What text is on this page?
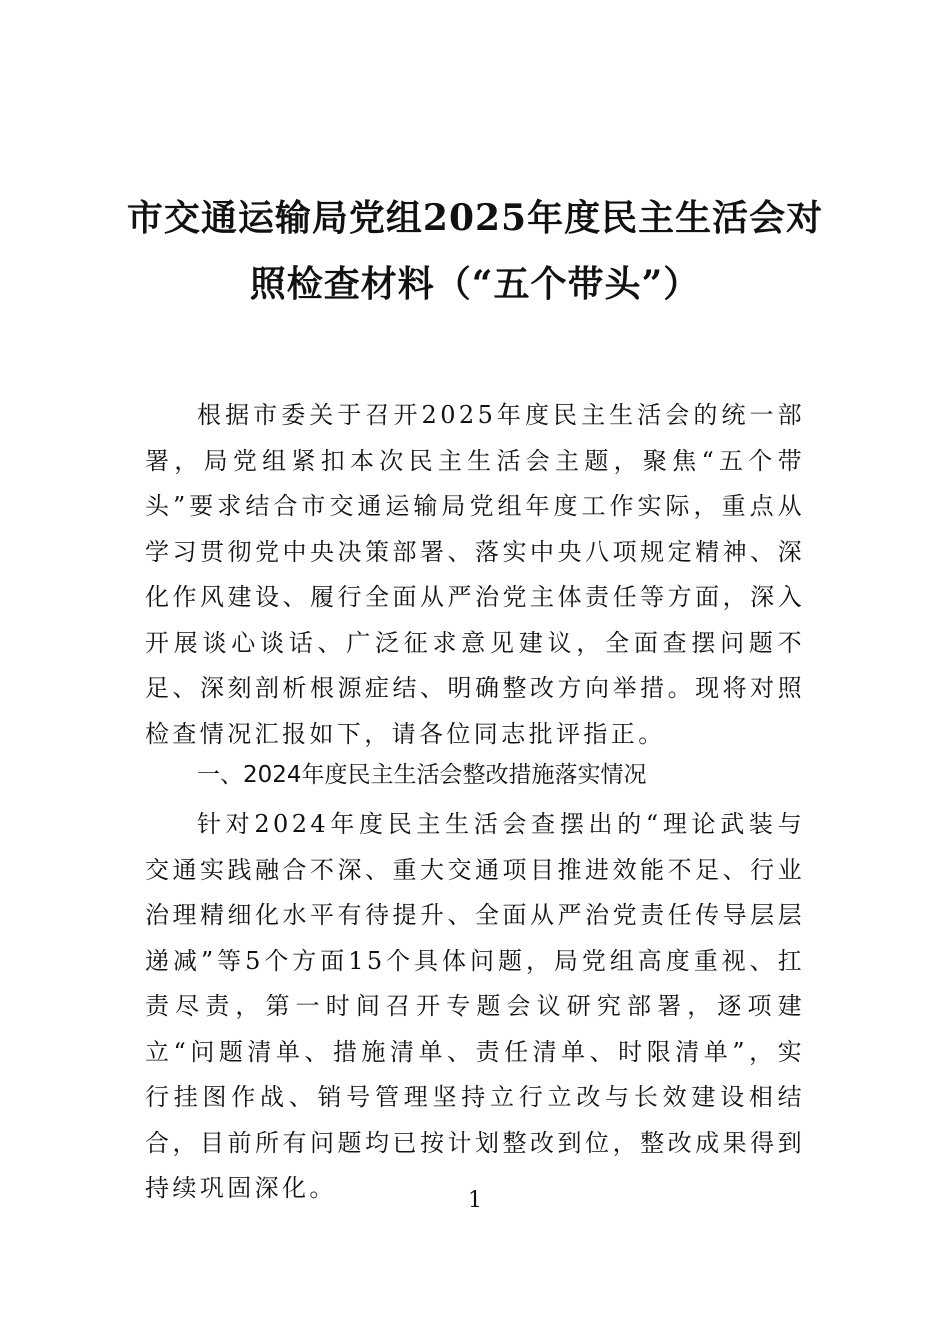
市交通运输局党组2025年度民主生活会对
照检查材料（“五个带头”）

根据市委关于召开2025年度民主生活会的统一部署，局党组紧扣本次民主生活会主题，聚焦“五个带头”要求结合市交通运输局党组年度工作实际，重点从学习贯彻党中央决策部署、落实中央八项规定精神、深化作风建设、履行全面从严治党主体责任等方面，深入开展谈心谈话、广泛征求意见建议，全面查摆问题不足、深刻剖析根源症结、明确整改方向举措。现将对照检查情况汇报如下，请各位同志批评指正。

一、2024年度民主生活会整改措施落实情况

针对2024年度民主生活会查摆出的“理论武装与交通实践融合不深、重大交通项目推进效能不足、行业治理精细化水平有待提升、全面从严治党责任传导层层递减”等5个方面15个具体问题，局党组高度重视、扛责尽责，第一时间召开专题会议研究部署，逐项建立“问题清单、措施清单、责任清单、时限清单”，实行挂图作战、销号管理坚持立行立改与长效建设相结合，目前所有问题均已按计划整改到位，整改成果得到持续巩固深化。	1
